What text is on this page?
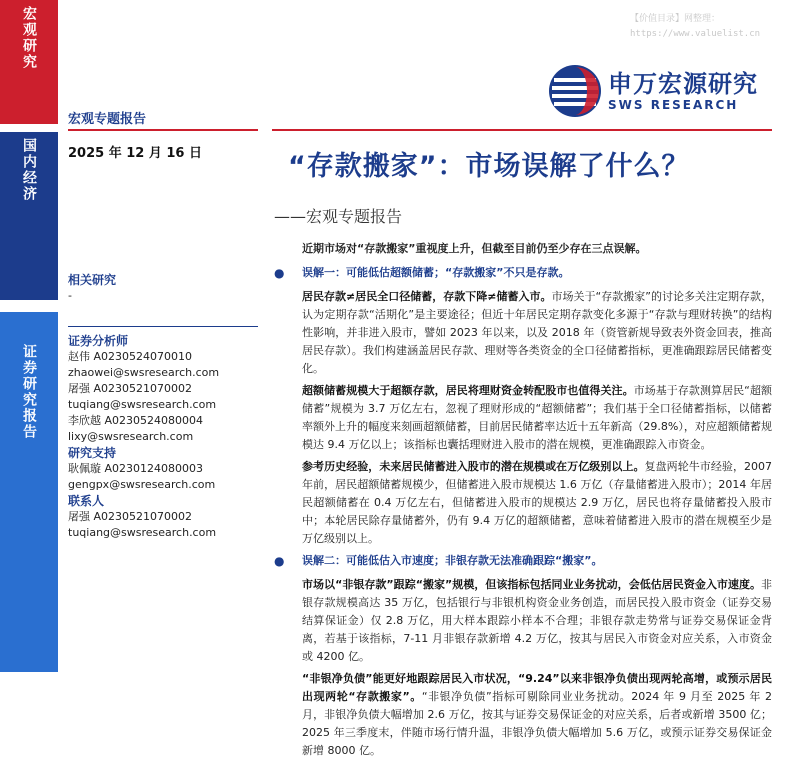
宏观研究
国内经济
证券研究报告
【价值目录】网整理：
https://www.valuelist.cn
申万宏源研究
SWS RESEARCH
宏观专题报告
2025 年 12 月 16 日	“存款搬家”：市场误解了什么？
——宏观专题报告
相关研究
-
证券分析师
赵伟 A0230524070010
zhaowei@swsresearch.com
屠强 A0230521070002
tuqiang@swsresearch.com
李欣越 A0230524080004
lixy@swsresearch.com
研究支持
耿佩璇 A0230124080003
gengpx@swsresearch.com
联系人
屠强 A0230521070002
tuqiang@swsresearch.com

近期市场对“存款搬家”重视度上升，但截至目前仍至少存在三点误解。

● 误解一：可能低估超额储蓄；“存款搬家”不只是存款。

居民存款≠居民全口径储蓄，存款下降≠储蓄入市。市场关于“存款搬家”的讨论多关注定期存款，认为定期存款“活期化”是主要途径；但近十年居民定期存款变化多源于“存款与理财转换”的结构性影响，并非进入股市，譬如 2023 年以来，以及 2018 年（资管新规导致表外资金回表，推高居民存款）。我们构建涵盖居民存款、理财等各类资金的全口径储蓄指标，更准确跟踪居民储蓄变化。

超额储蓄规模大于超额存款，居民将理财资金转配股市也值得关注。市场基于存款测算居民“超额储蓄”规模为 3.7 万亿左右，忽视了理财形成的“超额储蓄”；我们基于全口径储蓄指标，以储蓄率额外上升的幅度来刻画超额储蓄，目前居民储蓄率达近十五年新高（29.8%），对应超额储蓄规模达 9.4 万亿以上；该指标也囊括理财进入股市的潜在规模，更准确跟踪入市资金。

参考历史经验，未来居民储蓄进入股市的潜在规模或在万亿级别以上。复盘两轮牛市经验，2007 年前，居民超额储蓄规模少，但储蓄进入股市规模达 1.6 万亿（存量储蓄进入股市）；2014 年居民超额储蓄在 0.4 万亿左右，但储蓄进入股市的规模达 2.9 万亿，居民也将存量储蓄投入股市中；本轮居民除存量储蓄外，仍有 9.4 万亿的超额储蓄，意味着储蓄进入股市的潜在规模至少是万亿级别以上。

● 误解二：可能低估入市速度；非银存款无法准确跟踪“搬家”。

市场以“非银存款”跟踪“搬家”规模，但该指标包括同业业务扰动，会低估居民资金入市速度。非银存款规模高达 35 万亿，包括银行与非银机构资金业务创造，而居民投入股市资金（证券交易结算保证金）仅 2.8 万亿，用大样本跟踪小样本不合理；非银存款走势常与证券交易保证金背离，若基于该指标，7-11 月非银存款新增 4.2 万亿，按其与居民入市资金对应关系，入市资金或 4200 亿。

“非银净负债”能更好地跟踪居民入市状况，“9.24”以来非银净负债出现两轮高增，或预示居民出现两轮“存款搬家”。“非银净负债”指标可剔除同业业务扰动。2024 年 9 月至 2025 年 2 月，非银净负债大幅增加 2.6 万亿，按其与证券交易保证金的对应关系，后者或新增 3500 亿；2025 年三季度末，伴随市场行情升温，非银净负债大幅增加 5.6 万亿，或预示证券交易保证金新增 8000 亿。
